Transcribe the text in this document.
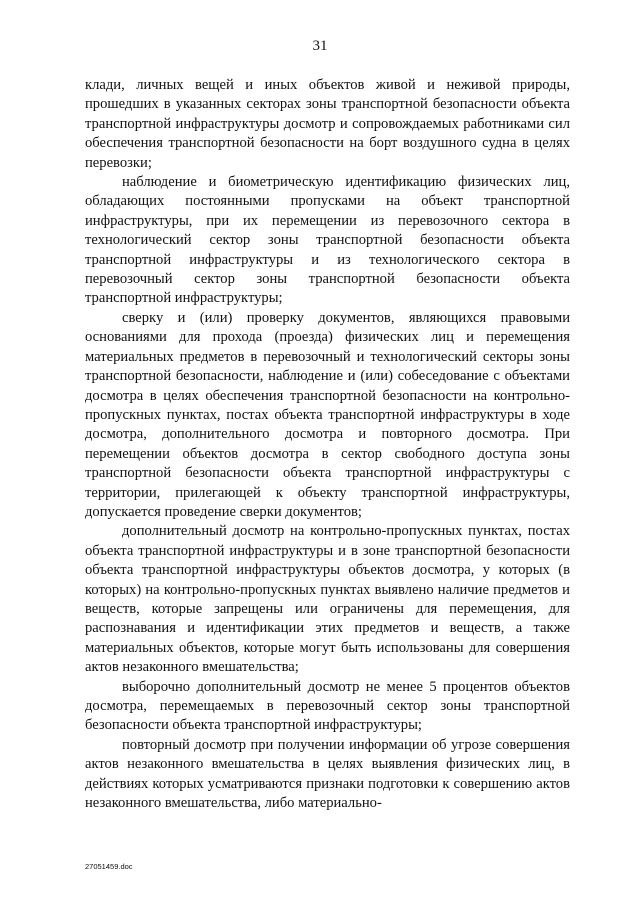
31

клади, личных вещей и иных объектов живой и неживой природы, прошедших в указанных секторах зоны транспортной безопасности объекта транспортной инфраструктуры досмотр и сопровождаемых работниками сил обеспечения транспортной безопасности на борт воздушного судна в целях перевозки;

наблюдение и биометрическую идентификацию физических лиц, обладающих постоянными пропусками на объект транспортной инфраструктуры, при их перемещении из перевозочного сектора в технологический сектор зоны транспортной безопасности объекта транспортной инфраструктуры и из технологического сектора в перевозочный сектор зоны транспортной безопасности объекта транспортной инфраструктуры;

сверку и (или) проверку документов, являющихся правовыми основаниями для прохода (проезда) физических лиц и перемещения материальных предметов в перевозочный и технологический секторы зоны транспортной безопасности, наблюдение и (или) собеседование с объектами досмотра в целях обеспечения транспортной безопасности на контрольно-пропускных пунктах, постах объекта транспортной инфраструктуры в ходе досмотра, дополнительного досмотра и повторного досмотра. При перемещении объектов досмотра в сектор свободного доступа зоны транспортной безопасности объекта транспортной инфраструктуры с территории, прилегающей к объекту транспортной инфраструктуры, допускается проведение сверки документов;

дополнительный досмотр на контрольно-пропускных пунктах, постах объекта транспортной инфраструктуры и в зоне транспортной безопасности объекта транспортной инфраструктуры объектов досмотра, у которых (в которых) на контрольно-пропускных пунктах выявлено наличие предметов и веществ, которые запрещены или ограничены для перемещения, для распознавания и идентификации этих предметов и веществ, а также материальных объектов, которые могут быть использованы для совершения актов незаконного вмешательства;

выборочно дополнительный досмотр не менее 5 процентов объектов досмотра, перемещаемых в перевозочный сектор зоны транспортной безопасности объекта транспортной инфраструктуры;

повторный досмотр при получении информации об угрозе совершения актов незаконного вмешательства в целях выявления физических лиц, в действиях которых усматриваются признаки подготовки к совершению актов незаконного вмешательства, либо материально-

27051459.doc
